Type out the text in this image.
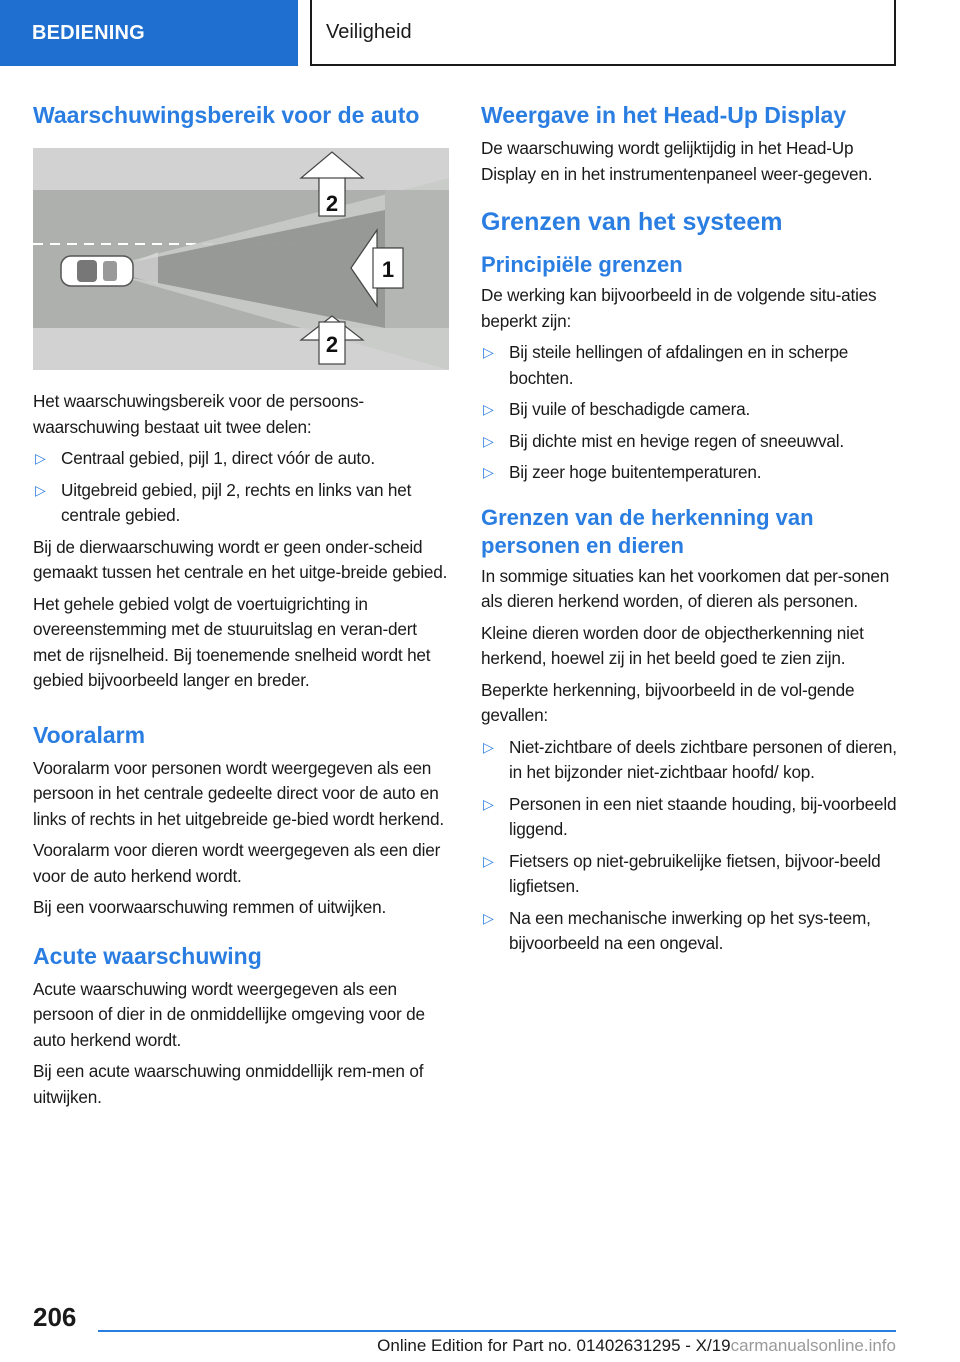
BEDIENING	Veiligheid
Waarschuwingsbereik voor de auto
2
1
2

Het waarschuwingsbereik voor de persoons-waarschuwing bestaat uit twee delen:

▷ Centraal gebied, pijl 1, direct vóór de auto.
▷ Uitgebreid gebied, pijl 2, rechts en links van het centrale gebied.

Bij de dierwaarschuwing wordt er geen onder-scheid gemaakt tussen het centrale en het uitge-breide gebied.

Het gehele gebied volgt de voertuigrichting in overeenstemming met de stuuruitslag en veran-dert met de rijsnelheid. Bij toenemende snelheid wordt het gebied bijvoorbeeld langer en breder.

Vooralarm

Vooralarm voor personen wordt weergegeven als een persoon in het centrale gedeelte direct voor de auto en links of rechts in het uitgebreide ge-bied wordt herkend.

Vooralarm voor dieren wordt weergegeven als een dier voor de auto herkend wordt.

Bij een voorwaarschuwing remmen of uitwijken.

Acute waarschuwing

Acute waarschuwing wordt weergegeven als een persoon of dier in de onmiddellijke omgeving voor de auto herkend wordt.

Bij een acute waarschuwing onmiddellijk rem-men of uitwijken.

Weergave in het Head-Up Display

De waarschuwing wordt gelijktijdig in het Head-Up Display en in het instrumentenpaneel weer-gegeven.

Grenzen van het systeem
Principiële grenzen

De werking kan bijvoorbeeld in de volgende situ-aties beperkt zijn:

▷ Bij steile hellingen of afdalingen en in scherpe bochten.
▷ Bij vuile of beschadigde camera.
▷ Bij dichte mist en hevige regen of sneeuwval.
▷ Bij zeer hoge buitentemperaturen.
Grenzen van de herkenning van personen en dieren

In sommige situaties kan het voorkomen dat per-sonen als dieren herkend worden, of dieren als personen.

Kleine dieren worden door de objectherkenning niet herkend, hoewel zij in het beeld goed te zien zijn.

Beperkte herkenning, bijvoorbeeld in de vol-gende gevallen:

▷ Niet-zichtbare of deels zichtbare personen of dieren, in het bijzonder niet-zichtbaar hoofd/ kop.
▷ Personen in een niet staande houding, bij-voorbeeld liggend.
▷ Fietsers op niet-gebruikelijke fietsen, bijvoor-beeld ligfietsen.
▷ Na een mechanische inwerking op het sys-teem, bijvoorbeeld na een ongeval.
206
Online Edition for Part no. 01402631295 - X/19carmanualsonline.info
